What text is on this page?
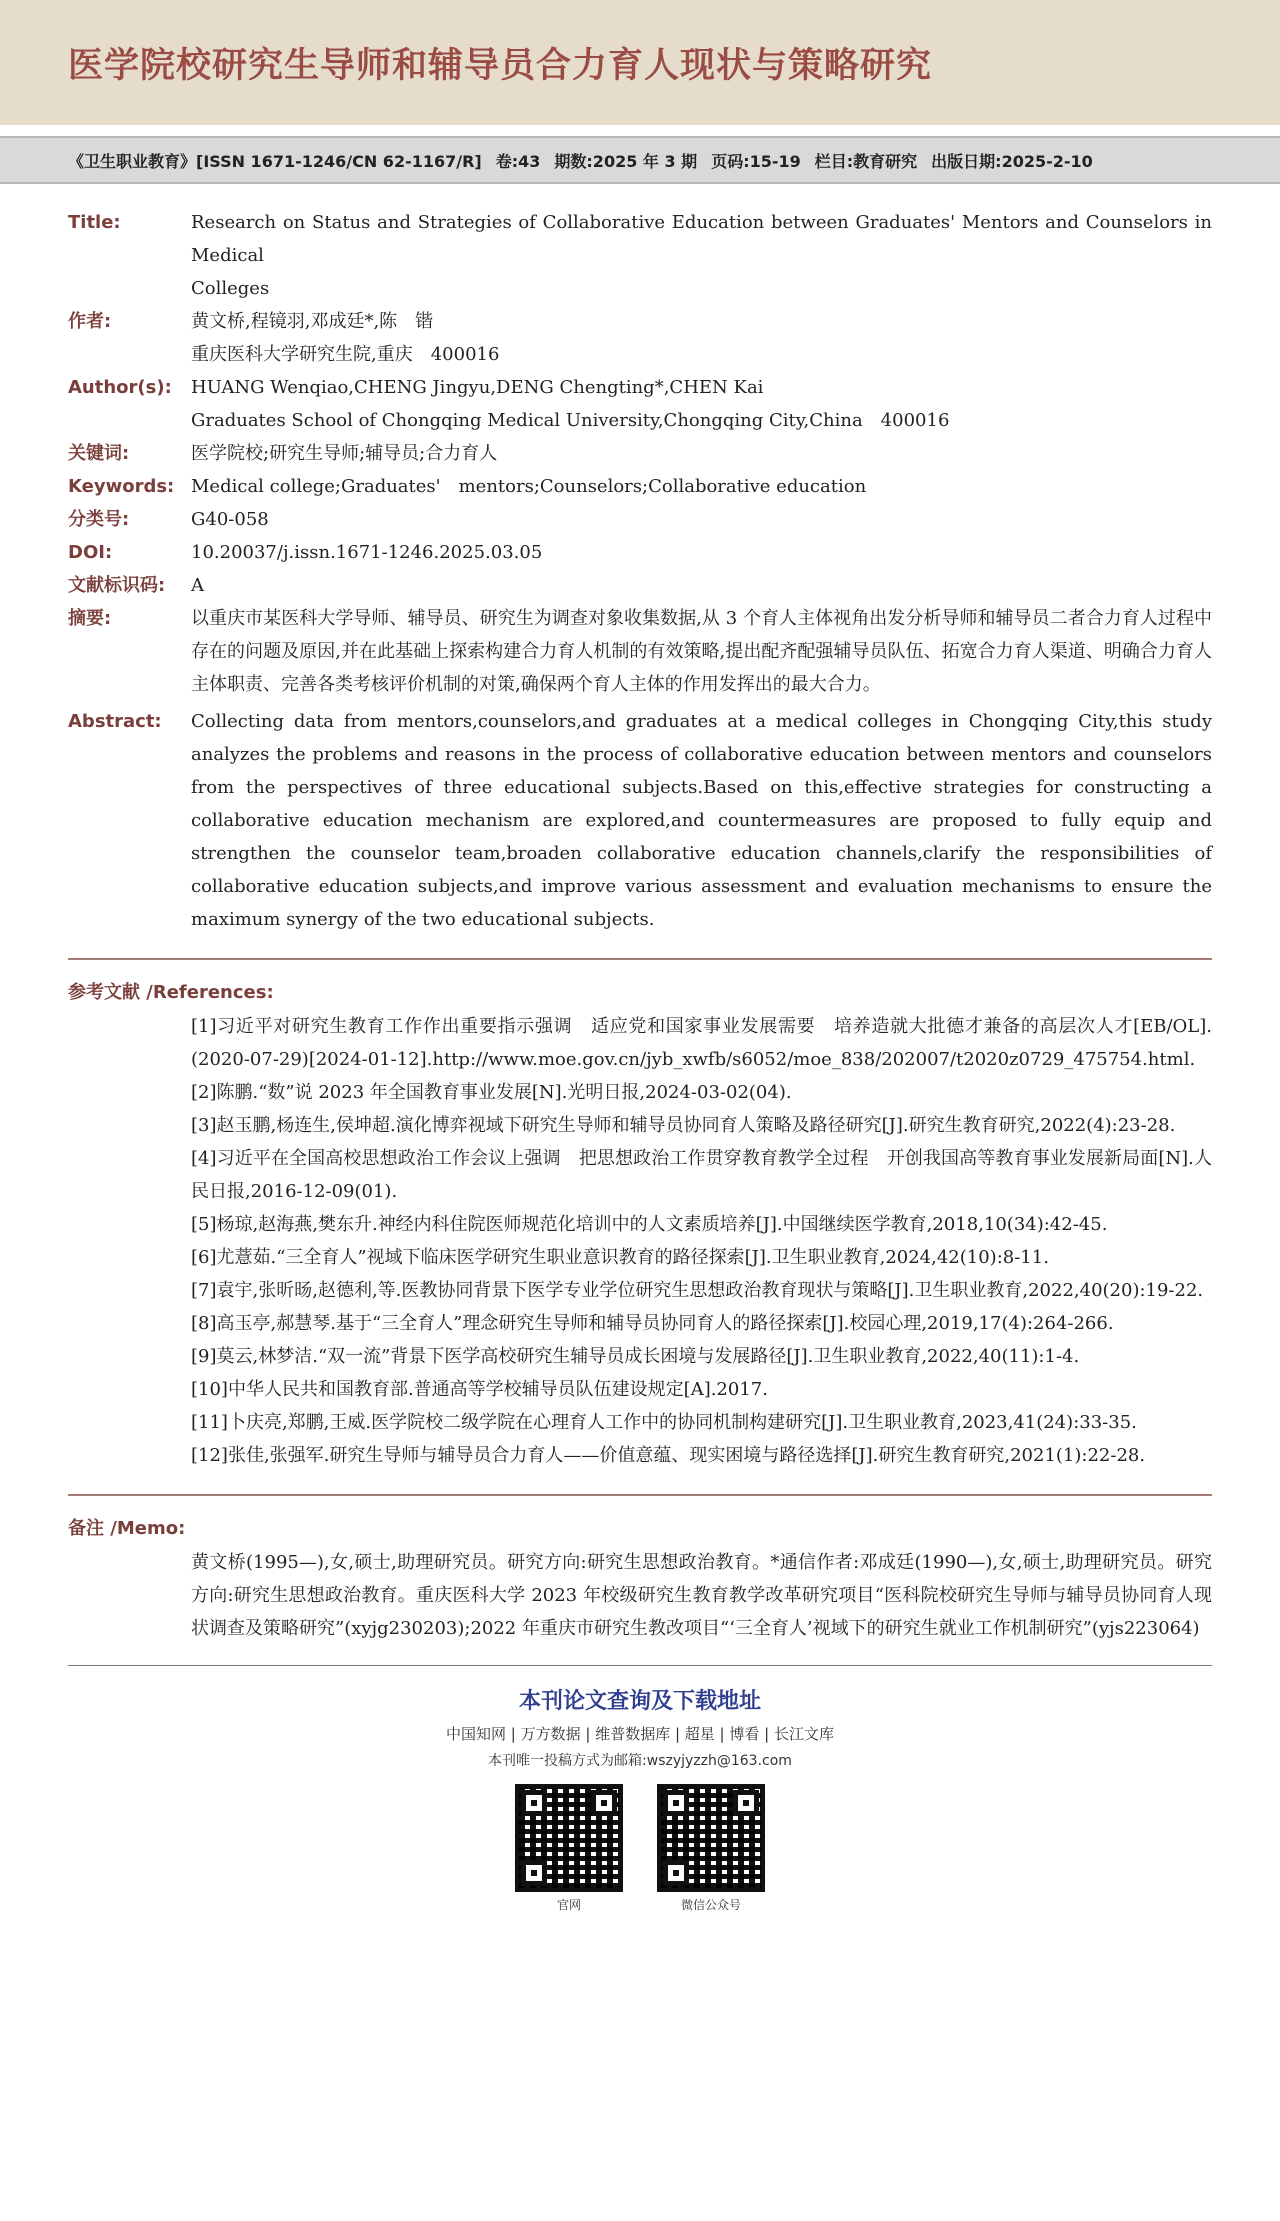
医学院校研究生导师和辅导员合力育人现状与策略研究
《卫生职业教育》[ISSN 1671-1246/CN 62-1167/R] 卷:43 期数:2025 年 3 期 页码:15-19 栏目:教育研究 出版日期:2025-2-10
Title:	Research on Status and Strategies of Collaborative Education between Graduates' Mentors and Counselors in Medical
Colleges
作者:	黄文桥,程镜羽,邓成廷*,陈　锴
重庆医科大学研究生院,重庆　400016
Author(s):	HUANG Wenqiao,CHENG Jingyu,DENG Chengting*,CHEN Kai
Graduates School of Chongqing Medical University,Chongqing City,China　400016
关键词:	医学院校;研究生导师;辅导员;合力育人
Keywords: Medical college;Graduates'　mentors;Counselors;Collaborative education
分类号:	G40-058
DOI:	10.20037/j.issn.1671-1246.2025.03.05
文献标识码:	A
摘要:	以重庆市某医科大学导师、辅导员、研究生为调查对象收集数据,从 3 个育人主体视角出发分析导师和辅导员二者合力育人过程中存在的问题及原因,并在此基础上探索构建合力育人机制的有效策略,提出配齐配强辅导员队伍、拓宽合力育人渠道、明确合力育人主体职责、完善各类考核评价机制的对策,确保两个育人主体的作用发挥出的最大合力。
Abstract:	Collecting data from mentors,counselors,and graduates at a medical colleges in Chongqing City,this study analyzes the problems and reasons in the process of collaborative education between mentors and counselors from the perspectives of three educational subjects.Based on this,effective strategies for constructing a collaborative education mechanism are explored,and countermeasures are proposed to fully equip and strengthen the counselor team,broaden collaborative education channels,clarify the responsibilities of collaborative education subjects,and improve various assessment and evaluation mechanisms to ensure the maximum synergy of the two educational subjects.
参考文献 /References:
[1]习近平对研究生教育工作作出重要指示强调　适应党和国家事业发展需要　培养造就大批德才兼备的高层次人才[EB/OL].(2020-07-29)[2024-01-12].http://www.moe.gov.cn/jyb_xwfb/s6052/moe_838/202007/t2020z0729_475754.html.
[2]陈鹏.“数”说 2023 年全国教育事业发展[N].光明日报,2024-03-02(04).
[3]赵玉鹏,杨连生,侯坤超.演化博弈视域下研究生导师和辅导员协同育人策略及路径研究[J].研究生教育研究,2022(4):23-28.
[4]习近平在全国高校思想政治工作会议上强调　把思想政治工作贯穿教育教学全过程　开创我国高等教育事业发展新局面[N].人民日报,2016-12-09(01).
[5]杨琼,赵海燕,樊东升.神经内科住院医师规范化培训中的人文素质培养[J].中国继续医学教育,2018,10(34):42-45.
[6]尤薏茹.“三全育人”视域下临床医学研究生职业意识教育的路径探索[J].卫生职业教育,2024,42(10):8-11.
[7]袁宇,张昕旸,赵德利,等.医教协同背景下医学专业学位研究生思想政治教育现状与策略[J].卫生职业教育,2022,40(20):19-22.
[8]高玉亭,郝慧琴.基于“三全育人”理念研究生导师和辅导员协同育人的路径探索[J].校园心理,2019,17(4):264-266.
[9]莫云,林梦洁.“双一流”背景下医学高校研究生辅导员成长困境与发展路径[J].卫生职业教育,2022,40(11):1-4.
[10]中华人民共和国教育部.普通高等学校辅导员队伍建设规定[A].2017.
[11]卜庆亮,郑鹏,王威.医学院校二级学院在心理育人工作中的协同机制构建研究[J].卫生职业教育,2023,41(24):33-35.
[12]张佳,张强军.研究生导师与辅导员合力育人——价值意蕴、现实困境与路径选择[J].研究生教育研究,2021(1):22-28.
备注 /Memo:
黄文桥(1995—),女,硕士,助理研究员。研究方向:研究生思想政治教育。*通信作者:邓成廷(1990—),女,硕士,助理研究员。研究方向:研究生思想政治教育。重庆医科大学 2023 年校级研究生教育教学改革研究项目“医科院校研究生导师与辅导员协同育人现状调查及策略研究”(xyjg230203);2022 年重庆市研究生教改项目“‘三全育人’视域下的研究生就业工作机制研究”(yjs223064)
本刊论文查询及下载地址
中国知网 | 万方数据 | 维普数据库 | 超星 | 博看 | 长江文库
本刊唯一投稿方式为邮箱:wszyjyzzh@163.com
官网	微信公众号
